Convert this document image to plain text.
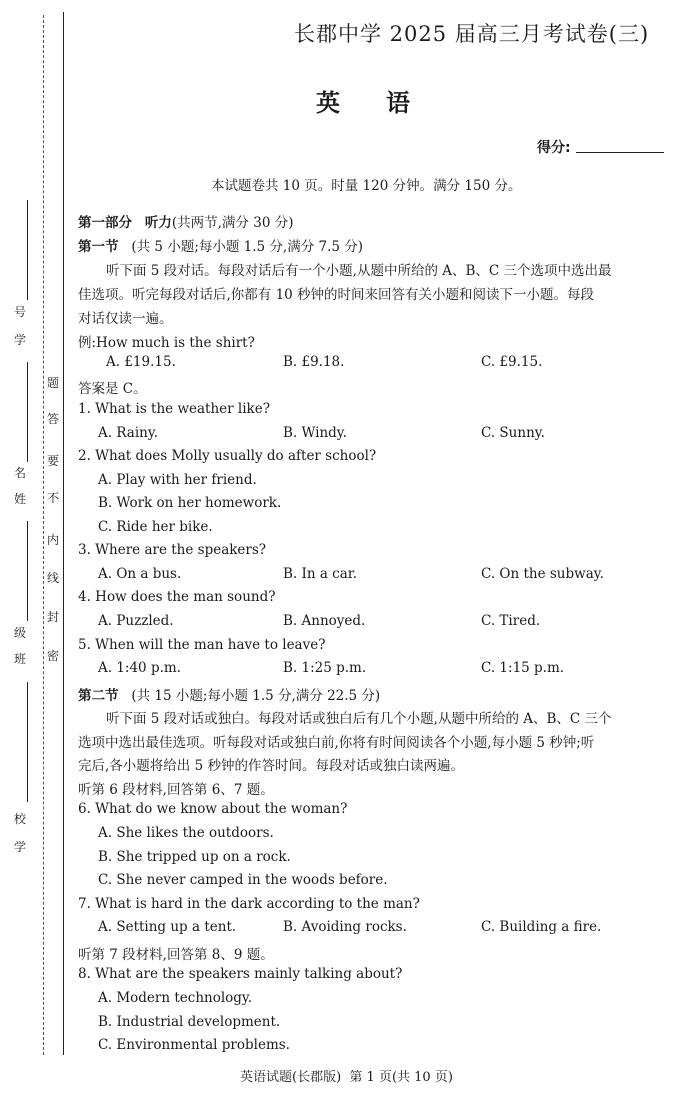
号
学
名
姓
级
班
校
学
题
答
要
不
内
线
封
密
长郡中学 2025 届高三月考试卷(三)
英语
得分:
本试题卷共 10 页。时量 120 分钟。满分 150 分。
第一部分 听力(共两节,满分 30 分)
第一节 (共 5 小题;每小题 1.5 分,满分 7.5 分)
听下面 5 段对话。每段对话后有一个小题,从题中所给的 A、B、C 三个选项中选出最
佳选项。听完每段对话后,你都有 10 秒钟的时间来回答有关小题和阅读下一小题。每段
对话仅读一遍。
例:How much is the shirt?
A. £19.15.	B. £9.18.	C. £9.15.
答案是 C。
1. What is the weather like?
A. Rainy.	B. Windy.	C. Sunny.
2. What does Molly usually do after school?
A. Play with her friend.
B. Work on her homework.
C. Ride her bike.
3. Where are the speakers?
A. On a bus.	B. In a car.	C. On the subway.
4. How does the man sound?
A. Puzzled.	B. Annoyed.	C. Tired.
5. When will the man have to leave?
A. 1:40 p.m.	B. 1:25 p.m.	C. 1:15 p.m.
第二节 (共 15 小题;每小题 1.5 分,满分 22.5 分)
听下面 5 段对话或独白。每段对话或独白后有几个小题,从题中所给的 A、B、C 三个
选项中选出最佳选项。听每段对话或独白前,你将有时间阅读各个小题,每小题 5 秒钟;听
完后,各小题将给出 5 秒钟的作答时间。每段对话或独白读两遍。
听第 6 段材料,回答第 6、7 题。
6. What do we know about the woman?
A. She likes the outdoors.
B. She tripped up on a rock.
C. She never camped in the woods before.
7. What is hard in the dark according to the man?
A. Setting up a tent.	B. Avoiding rocks.	C. Building a fire.
听第 7 段材料,回答第 8、9 题。
8. What are the speakers mainly talking about?
A. Modern technology.
B. Industrial development.
C. Environmental problems.
英语试题(长郡版)  第 1 页(共 10 页)
